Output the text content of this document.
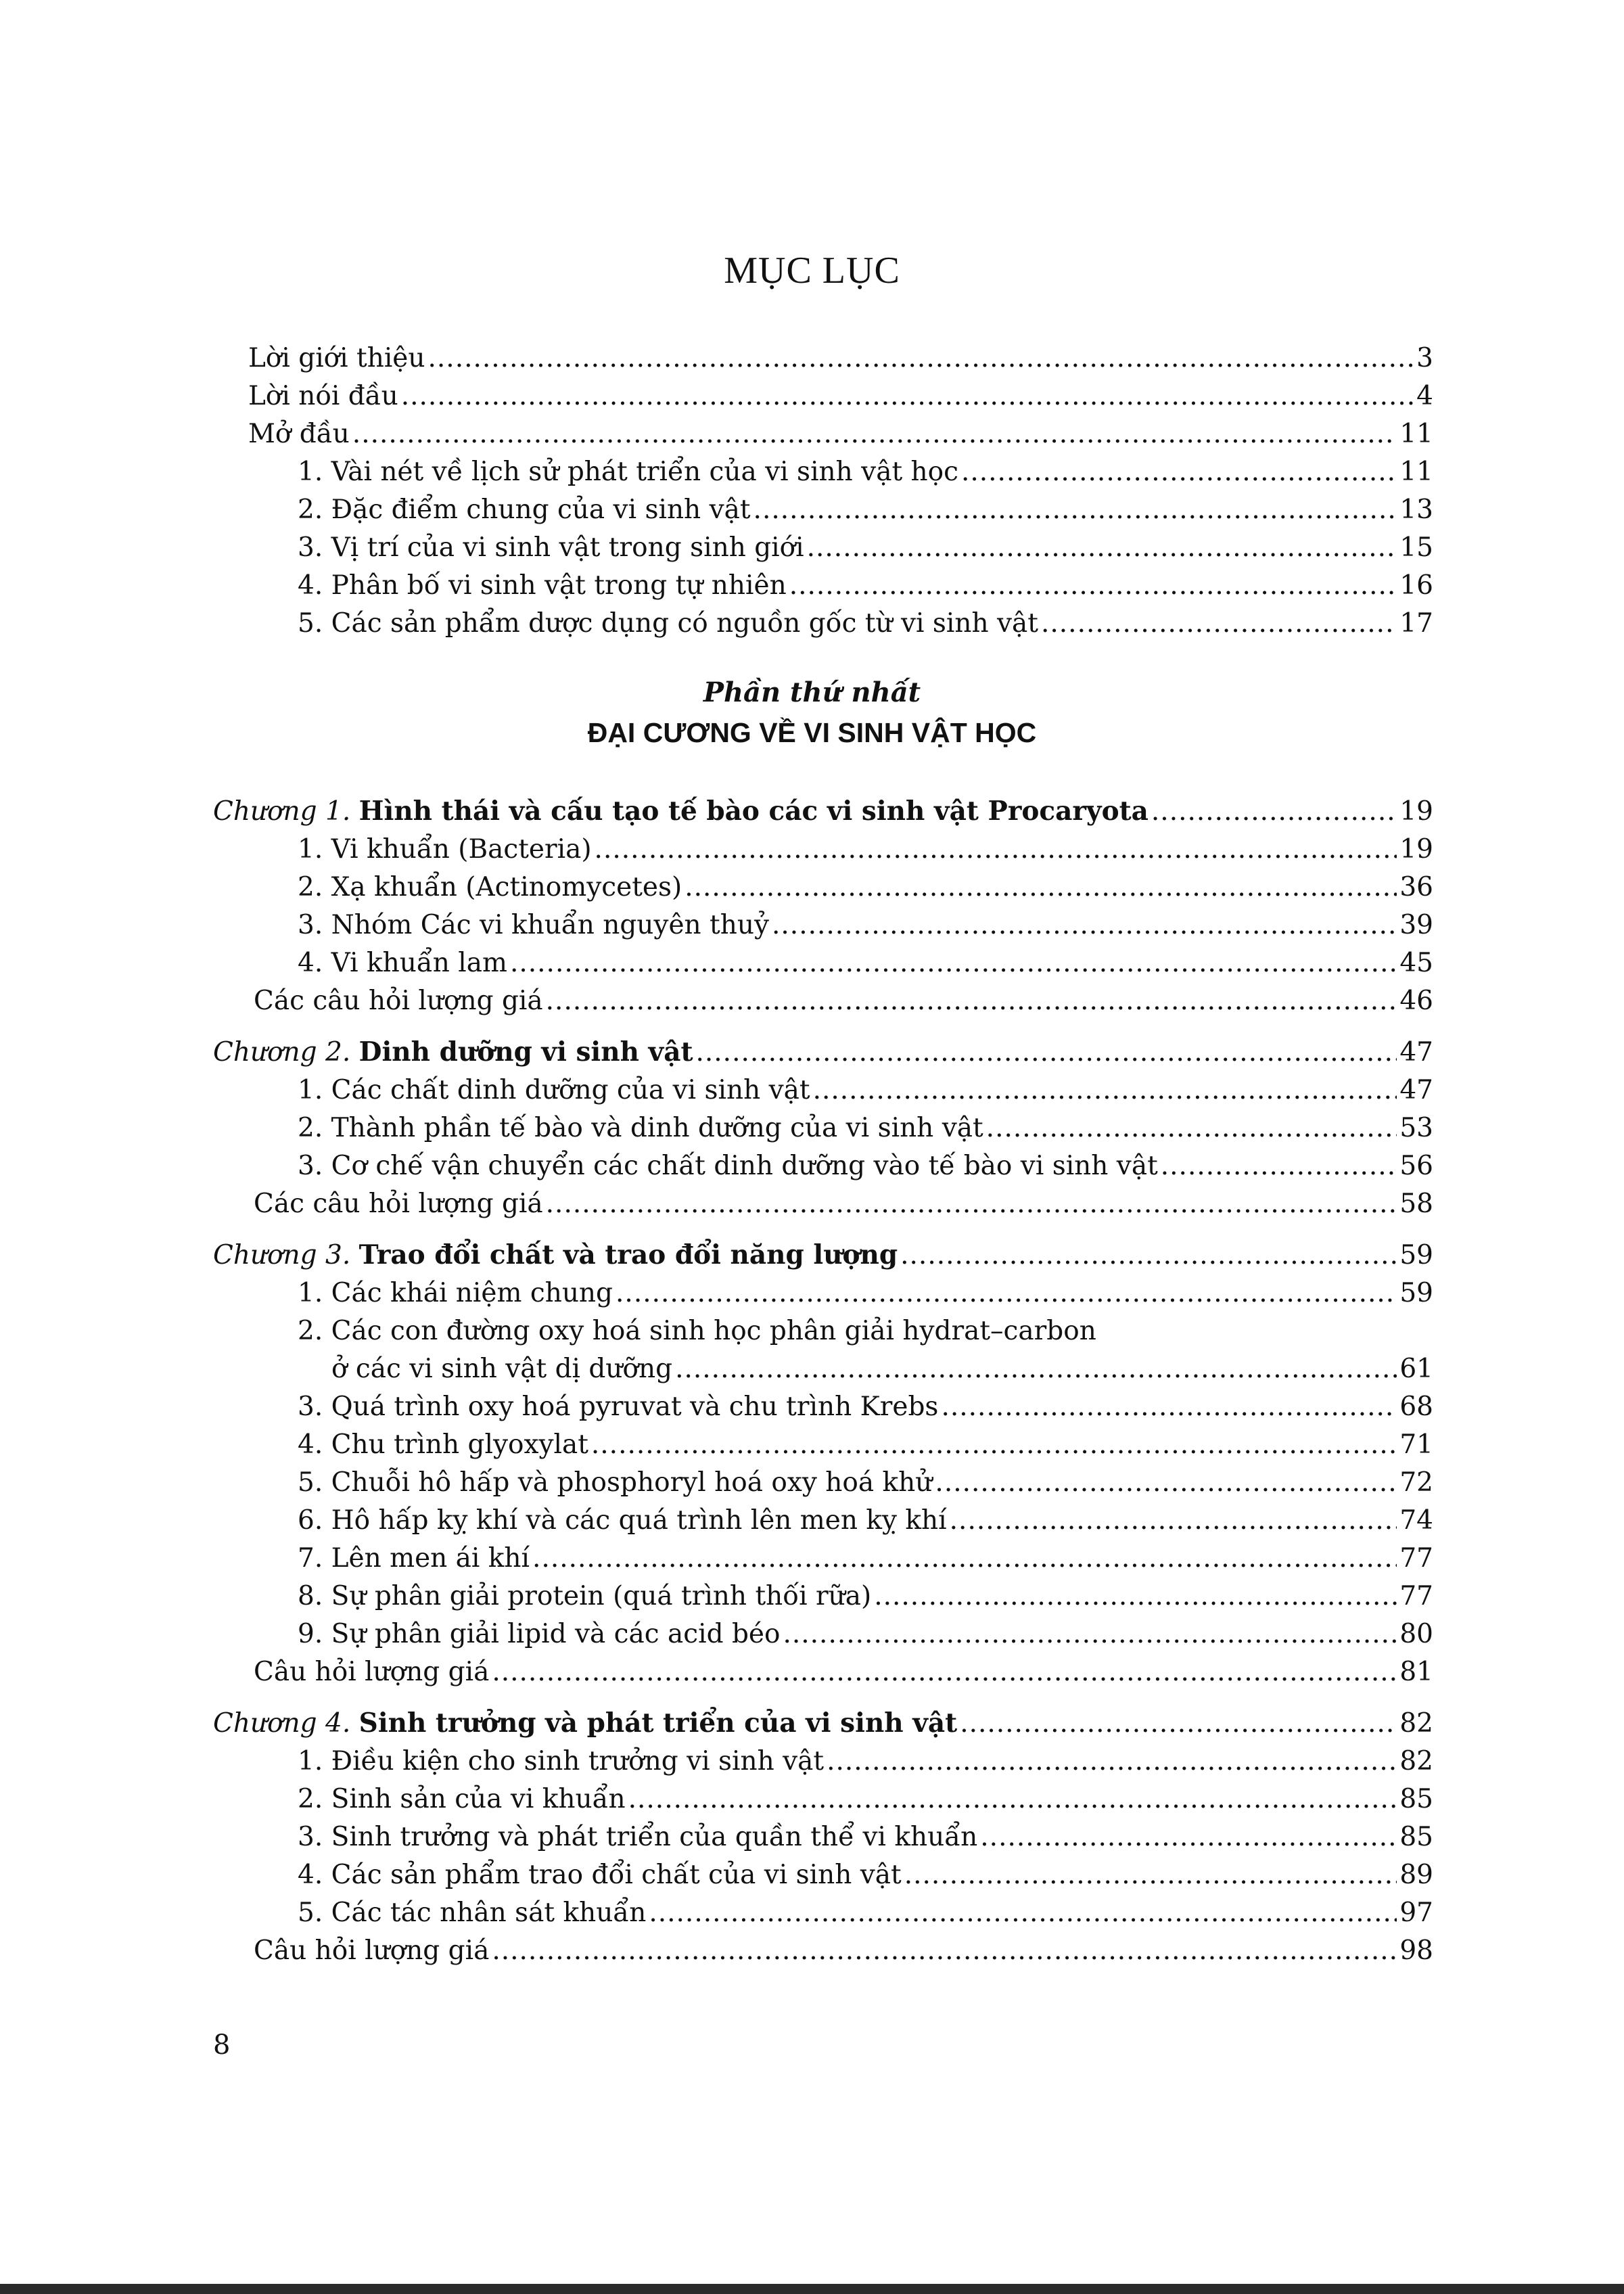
MỤC LỤC
Lời giới thiệu .....	3
Lời nói đầu .....	4
Mở đầu .....	11
1. Vài nét về lịch sử phát triển của vi sinh vật học .....	11
2. Đặc điểm chung của vi sinh vật .....	13
3. Vị trí của vi sinh vật trong sinh giới .....	15
4. Phân bố vi sinh vật trong tự nhiên .....	16
5. Các sản phẩm dược dụng có nguồn gốc từ vi sinh vật .....	17
Phần thứ nhất
ĐẠI CƯƠNG VỀ VI SINH VẬT HỌC
Chương 1. Hình thái và cấu tạo tế bào các vi sinh vật Procaryota .....	19
1. Vi khuẩn (Bacteria) .....	19
2. Xạ khuẩn (Actinomycetes) .....	36
3. Nhóm Các vi khuẩn nguyên thuỷ .....	39
4. Vi khuẩn lam .....	45
Các câu hỏi lượng giá .....	46
Chương 2. Dinh dưỡng vi sinh vật .....	47
1. Các chất dinh dưỡng của vi sinh vật .....	47
2. Thành phần tế bào và dinh dưỡng của vi sinh vật .....	53
3. Cơ chế vận chuyển các chất dinh dưỡng vào tế bào vi sinh vật .....	56
Các câu hỏi lượng giá .....	58
Chương 3. Trao đổi chất và trao đổi năng lượng .....	59
1. Các khái niệm chung .....	59
2. Các con đường oxy hoá sinh học phân giải hydrat–carbon
ở các vi sinh vật dị dưỡng .....	61
3. Quá trình oxy hoá pyruvat và chu trình Krebs .....	68
4. Chu trình glyoxylat .....	71
5. Chuỗi hô hấp và phosphoryl hoá oxy hoá khử .....	72
6. Hô hấp kỵ khí và các quá trình lên men kỵ khí .....	74
7. Lên men ái khí .....	77
8. Sự phân giải protein (quá trình thối rữa) .....	77
9. Sự phân giải lipid và các acid béo .....	80
Câu hỏi lượng giá .....	81
Chương 4. Sinh trưởng và phát triển của vi sinh vật .....	82
1. Điều kiện cho sinh trưởng vi sinh vật .....	82
2. Sinh sản của vi khuẩn .....	85
3. Sinh trưởng và phát triển của quần thể vi khuẩn .....	85
4. Các sản phẩm trao đổi chất của vi sinh vật .....	89
5. Các tác nhân sát khuẩn .....	97
Câu hỏi lượng giá .....	98
8
